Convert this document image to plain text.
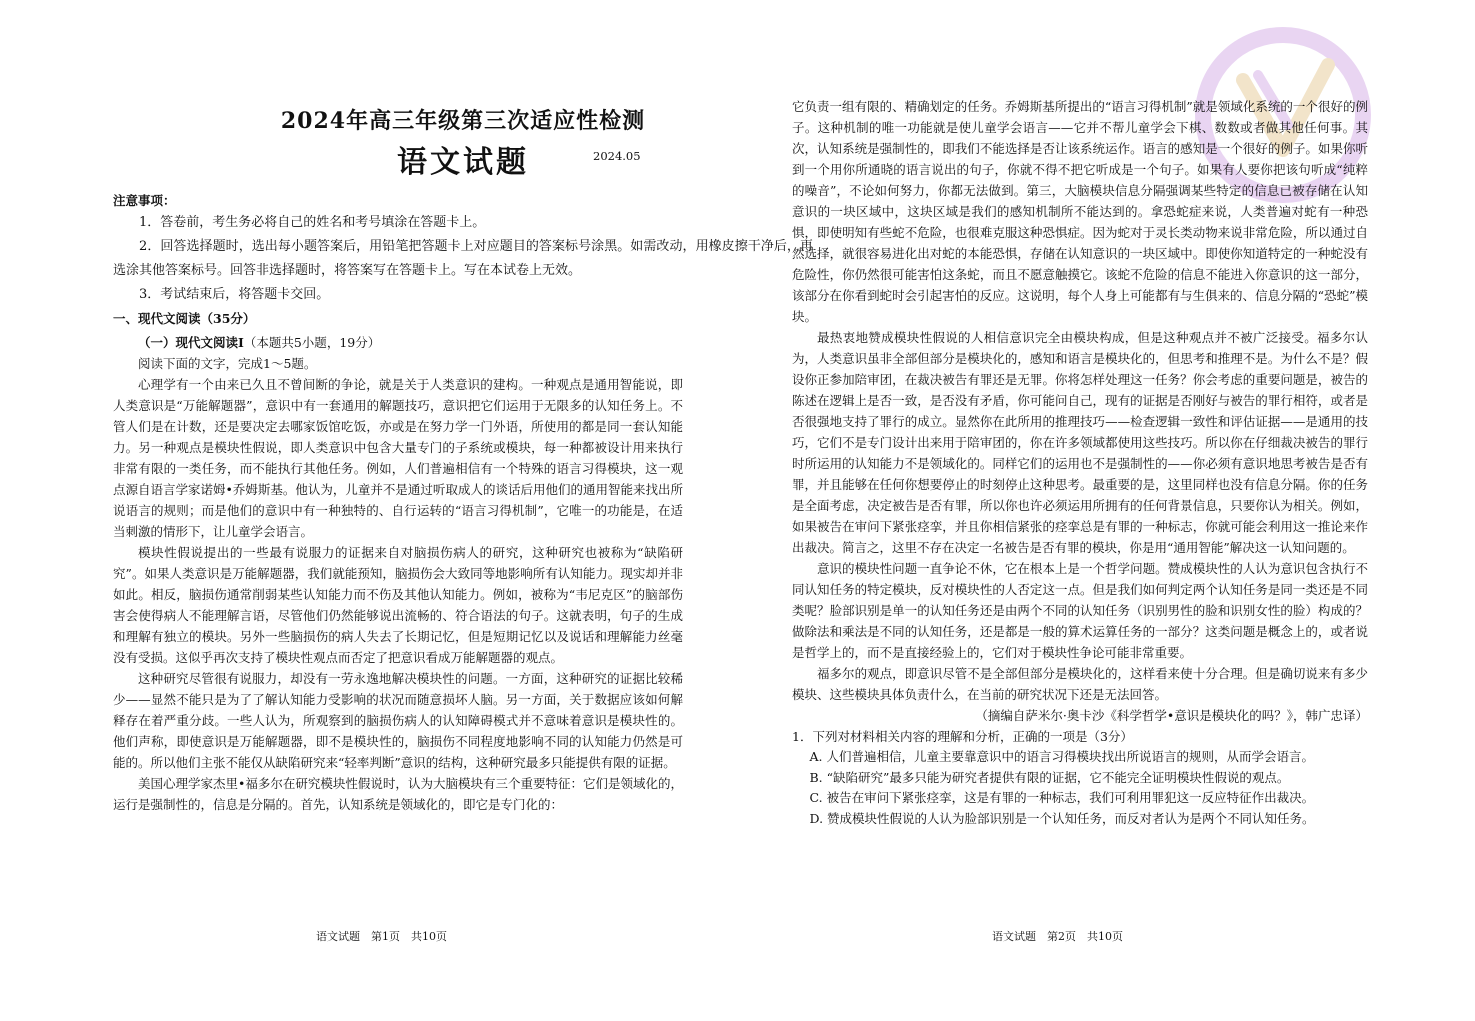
2024年高三年级第三次适应性检测
语文试题	2024.05
注意事项：

1．答卷前，考生务必将自己的姓名和考号填涂在答题卡上。

2．回答选择题时，选出每小题答案后，用铅笔把答题卡上对应题目的答案标号涂黑。如需改动，用橡皮擦干净后，再选涂其他答案标号。回答非选择题时，将答案写在答题卡上。写在本试卷上无效。

3．考试结束后，将答题卡交回。

一、现代文阅读（35分）
（一）现代文阅读Ⅰ（本题共5小题，19分）

阅读下面的文字，完成1～5题。

心理学有一个由来已久且不曾间断的争论，就是关于人类意识的建构。一种观点是通用智能说，即人类意识是“万能解题器”，意识中有一套通用的解题技巧，意识把它们运用于无限多的认知任务上。不管人们是在计数，还是要决定去哪家饭馆吃饭，亦或是在努力学一门外语，所使用的都是同一套认知能力。另一种观点是模块性假说，即人类意识中包含大量专门的子系统或模块，每一种都被设计用来执行非常有限的一类任务，而不能执行其他任务。例如，人们普遍相信有一个特殊的语言习得模块，这一观点源自语言学家诺姆•乔姆斯基。他认为，儿童并不是通过听取成人的谈话后用他们的通用智能来找出所说语言的规则；而是他们的意识中有一种独特的、自行运转的“语言习得机制”，它唯一的功能是，在适当刺激的情形下，让儿童学会语言。

模块性假说提出的一些最有说服力的证据来自对脑损伤病人的研究，这种研究也被称为“缺陷研究”。如果人类意识是万能解题器，我们就能预知，脑损伤会大致同等地影响所有认知能力。现实却并非如此。相反，脑损伤通常削弱某些认知能力而不伤及其他认知能力。例如，被称为“韦尼克区”的脑部伤害会使得病人不能理解言语，尽管他们仍然能够说出流畅的、符合语法的句子。这就表明，句子的生成和理解有独立的模块。另外一些脑损伤的病人失去了长期记忆，但是短期记忆以及说话和理解能力丝毫没有受损。这似乎再次支持了模块性观点而否定了把意识看成万能解题器的观点。

这种研究尽管很有说服力，却没有一劳永逸地解决模块性的问题。一方面，这种研究的证据比较稀少——显然不能只是为了了解认知能力受影响的状况而随意损坏人脑。另一方面，关于数据应该如何解释存在着严重分歧。一些人认为，所观察到的脑损伤病人的认知障碍模式并不意味着意识是模块性的。他们声称，即使意识是万能解题器，即不是模块性的，脑损伤不同程度地影响不同的认知能力仍然是可能的。所以他们主张不能仅从缺陷研究来“轻率判断”意识的结构，这种研究最多只能提供有限的证据。

美国心理学家杰里•福多尔在研究模块性假说时，认为大脑模块有三个重要特征：它们是领域化的，运行是强制性的，信息是分隔的。首先，认知系统是领域化的，即它是专门化的：

它负责一组有限的、精确划定的任务。乔姆斯基所提出的“语言习得机制”就是领域化系统的一个很好的例子。这种机制的唯一功能就是使儿童学会语言——它并不帮儿童学会下棋、数数或者做其他任何事。其次，认知系统是强制性的，即我们不能选择是否让该系统运作。语言的感知是一个很好的例子。如果你听到一个用你所通晓的语言说出的句子，你就不得不把它听成是一个句子。如果有人要你把该句听成“纯粹的噪音”，不论如何努力，你都无法做到。第三，大脑模块信息分隔强调某些特定的信息已被存储在认知意识的一块区域中，这块区域是我们的感知机制所不能达到的。拿恐蛇症来说，人类普遍对蛇有一种恐惧，即使明知有些蛇不危险，也很难克服这种恐惧症。因为蛇对于灵长类动物来说非常危险，所以通过自然选择，就很容易进化出对蛇的本能恐惧，存储在认知意识的一块区域中。即使你知道特定的一种蛇没有危险性，你仍然很可能害怕这条蛇，而且不愿意触摸它。该蛇不危险的信息不能进入你意识的这一部分，该部分在你看到蛇时会引起害怕的反应。这说明，每个人身上可能都有与生俱来的、信息分隔的“恐蛇”模块。

最热衷地赞成模块性假说的人相信意识完全由模块构成，但是这种观点并不被广泛接受。福多尔认为，人类意识虽非全部但部分是模块化的，感知和语言是模块化的，但思考和推理不是。为什么不是？假设你正参加陪审团，在裁决被告有罪还是无罪。你将怎样处理这一任务？你会考虑的重要问题是，被告的陈述在逻辑上是否一致，是否没有矛盾，你可能问自己，现有的证据是否刚好与被告的罪行相符，或者是否很强地支持了罪行的成立。显然你在此所用的推理技巧——检查逻辑一致性和评估证据——是通用的技巧，它们不是专门设计出来用于陪审团的，你在许多领域都使用这些技巧。所以你在仔细裁决被告的罪行时所运用的认知能力不是领域化的。同样它们的运用也不是强制性的——你必须有意识地思考被告是否有罪，并且能够在任何你想要停止的时刻停止这种思考。最重要的是，这里同样也没有信息分隔。你的任务是全面考虑，决定被告是否有罪，所以你也许必须运用所拥有的任何背景信息，只要你认为相关。例如，如果被告在审问下紧张痉挛，并且你相信紧张的痉挛总是有罪的一种标志，你就可能会利用这一推论来作出裁决。简言之，这里不存在决定一名被告是否有罪的模块，你是用“通用智能”解决这一认知问题的。

意识的模块性问题一直争论不休，它在根本上是一个哲学问题。赞成模块性的人认为意识包含执行不同认知任务的特定模块，反对模块性的人否定这一点。但是我们如何判定两个认知任务是同一类还是不同类呢？脸部识别是单一的认知任务还是由两个不同的认知任务（识别男性的脸和识别女性的脸）构成的？做除法和乘法是不同的认知任务，还是都是一般的算术运算任务的一部分？这类问题是概念上的，或者说是哲学上的，而不是直接经验上的，它们对于模块性争论可能非常重要。

福多尔的观点，即意识尽管不是全部但部分是模块化的，这样看来使十分合理。但是确切说来有多少模块、这些模块具体负责什么，在当前的研究状况下还是无法回答。

（摘编自萨米尔·奥卡沙《科学哲学•意识是模块化的吗？》，韩广忠译）

1．下列对材料相关内容的理解和分析，正确的一项是（3分）

A. 人们普遍相信，儿童主要靠意识中的语言习得模块找出所说语言的规则，从而学会语言。

B. “缺陷研究”最多只能为研究者提供有限的证据，它不能完全证明模块性假说的观点。

C. 被告在审问下紧张痉挛，这是有罪的一种标志，我们可利用罪犯这一反应特征作出裁决。

D. 赞成模块性假说的人认为脸部识别是一个认知任务，而反对者认为是两个不同认知任务。

语文试题　第1页　共10页	语文试题　第2页　共10页
